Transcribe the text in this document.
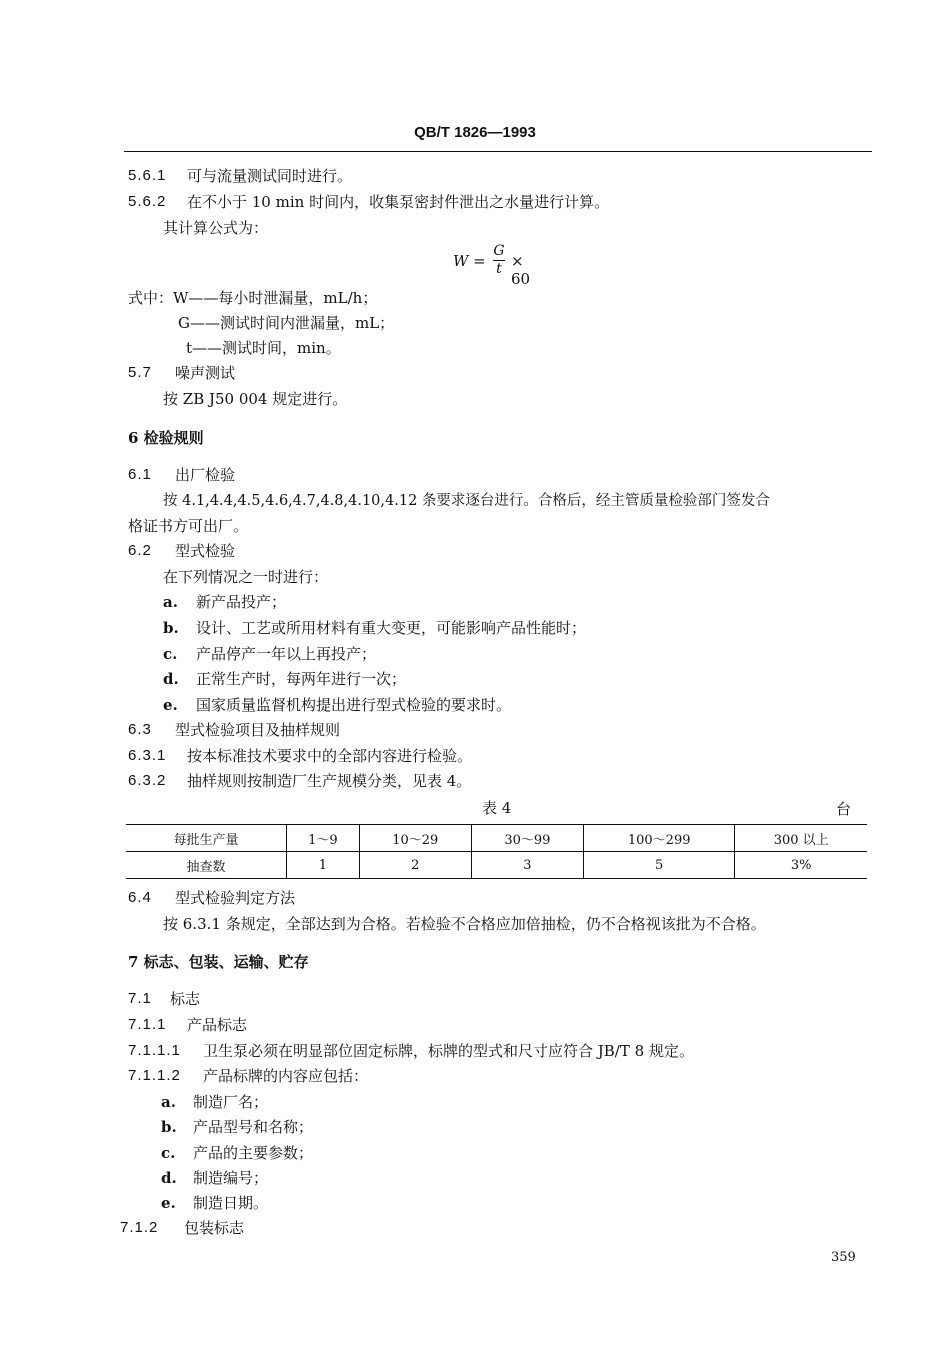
QB/T 1826—1993
5.6.1 可与流量测试同时进行。
5.6.2 在不小于 10 min 时间内，收集泵密封件泄出之水量进行计算。
其计算公式为：
W =
G
t × 60
式中：W——每小时泄漏量，mL/h；
G——测试时间内泄漏量，mL；
t——测试时间，min。
5.7 噪声测试
按 ZB J50 004 规定进行。
6 检验规则
6.1 出厂检验
按 4.1,4.4,4.5,4.6,4.7,4.8,4.10,4.12 条要求逐台进行。合格后，经主管质量检验部门签发合
格证书方可出厂。
6.2 型式检验
在下列情况之一时进行：
a. 新产品投产；
b. 设计、工艺或所用材料有重大变更，可能影响产品性能时；
c. 产品停产一年以上再投产；
d. 正常生产时，每两年进行一次；
e. 国家质量监督机构提出进行型式检验的要求时。
6.3 型式检验项目及抽样规则
6.3.1 按本标准技术要求中的全部内容进行检验。
6.3.2 抽样规则按制造厂生产规模分类，见表 4。
表 4	台
每批生产量	1～9	10～29	30～99	100～299	300 以上
抽查数	1	2	3	5	3%
6.4 型式检验判定方法
按 6.3.1 条规定，全部达到为合格。若检验不合格应加倍抽检，仍不合格视该批为不合格。
7 标志、包装、运输、贮存
7.1 标志
7.1.1 产品标志
7.1.1.1 卫生泵必须在明显部位固定标牌，标牌的型式和尺寸应符合 JB/T 8 规定。
7.1.1.2 产品标牌的内容应包括：
a. 制造厂名；
b. 产品型号和名称；
c. 产品的主要参数；
d. 制造编号；
e. 制造日期。
7.1.2 包装标志
359
